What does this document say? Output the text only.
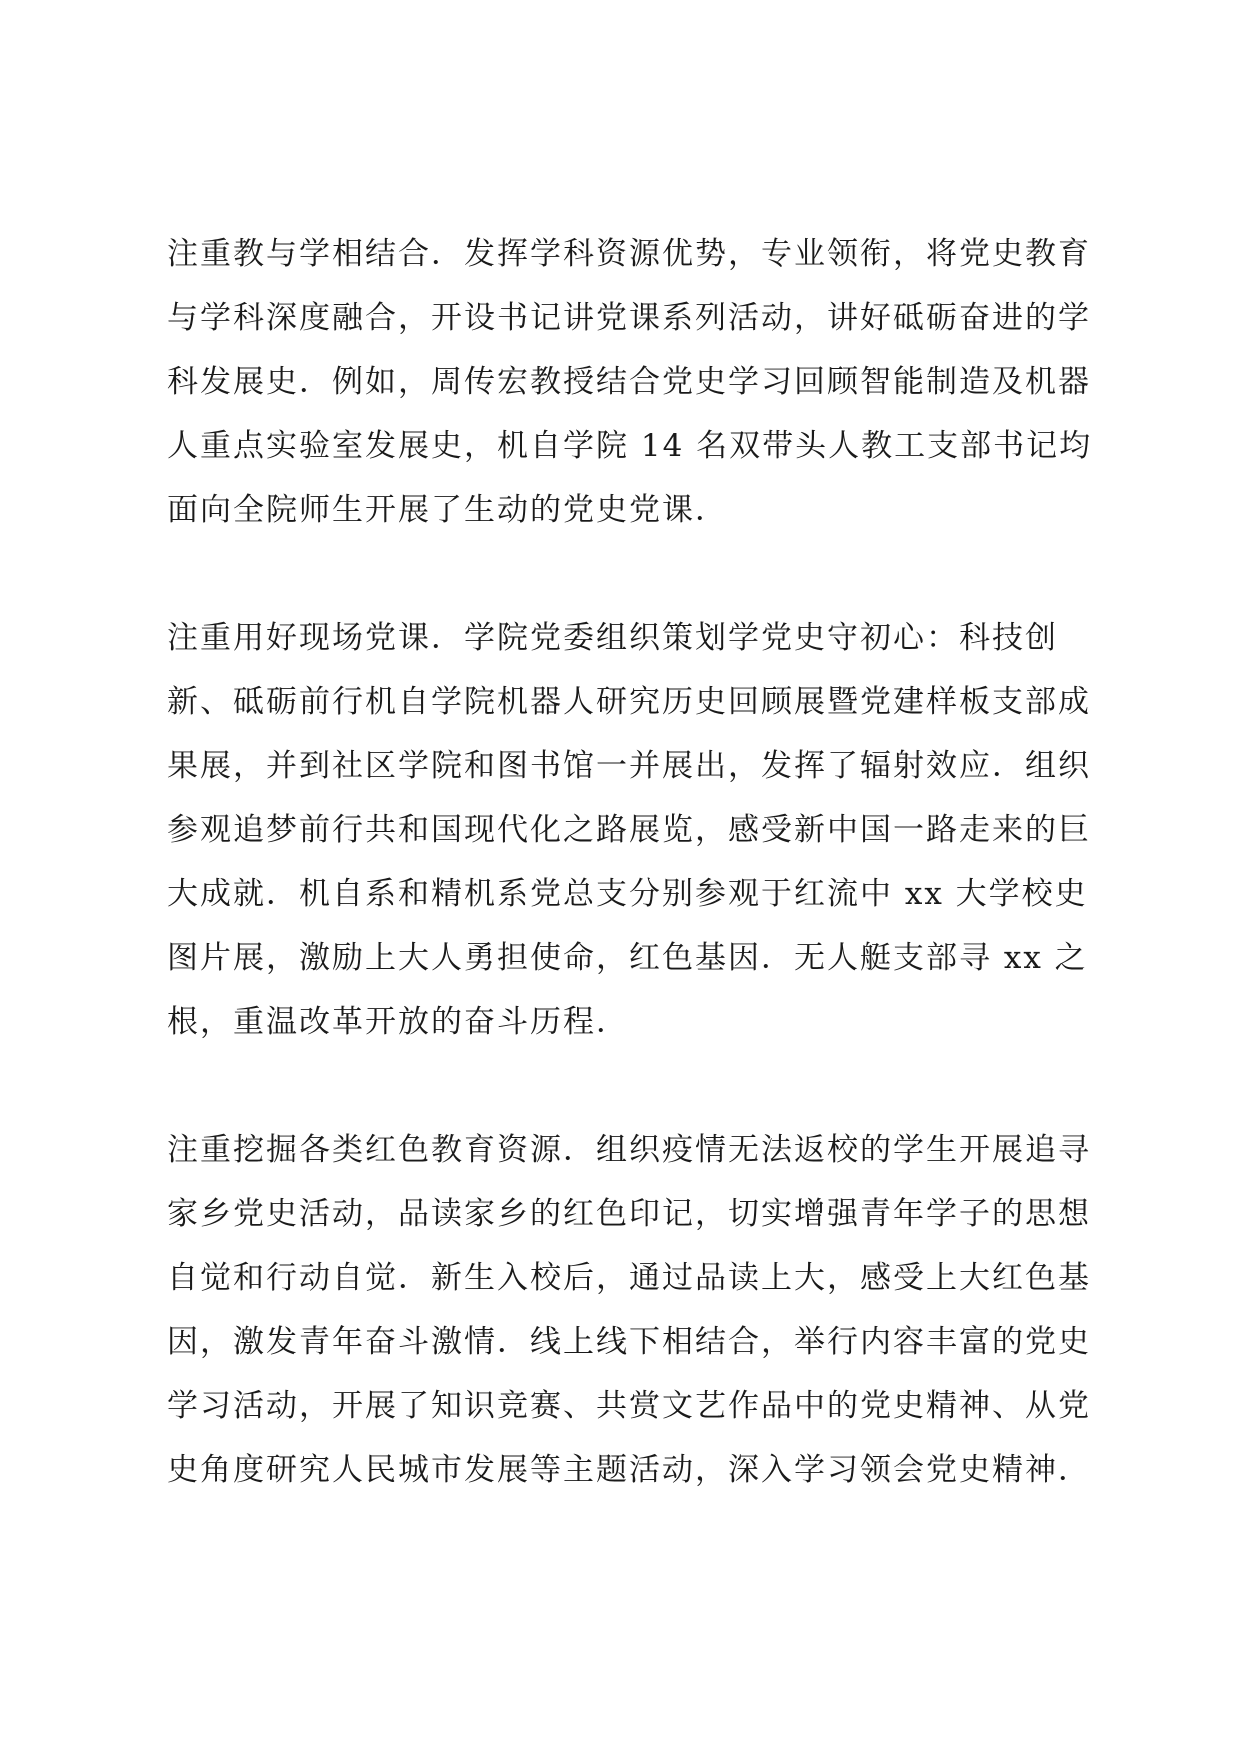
注重教与学相结合．发挥学科资源优势，专业领衔，将党史教育
与学科深度融合，开设书记讲党课系列活动，讲好砥砺奋进的学
科发展史．例如，周传宏教授结合党史学习回顾智能制造及机器
人重点实验室发展史，机自学院 14 名双带头人教工支部书记均
面向全院师生开展了生动的党史党课．

注重用好现场党课．学院党委组织策划学党史守初心：科技创
新、砥砺前行机自学院机器人研究历史回顾展暨党建样板支部成
果展，并到社区学院和图书馆一并展出，发挥了辐射效应．组织
参观追梦前行共和国现代化之路展览，感受新中国一路走来的巨
大成就．机自系和精机系党总支分别参观于红流中 xx 大学校史
图片展，激励上大人勇担使命，红色基因．无人艇支部寻 xx 之
根，重温改革开放的奋斗历程．

注重挖掘各类红色教育资源．组织疫情无法返校的学生开展追寻
家乡党史活动，品读家乡的红色印记，切实增强青年学子的思想
自觉和行动自觉．新生入校后，通过品读上大，感受上大红色基
因，激发青年奋斗激情．线上线下相结合，举行内容丰富的党史
学习活动，开展了知识竞赛、共赏文艺作品中的党史精神、从党
史角度研究人民城市发展等主题活动，深入学习领会党史精神．
